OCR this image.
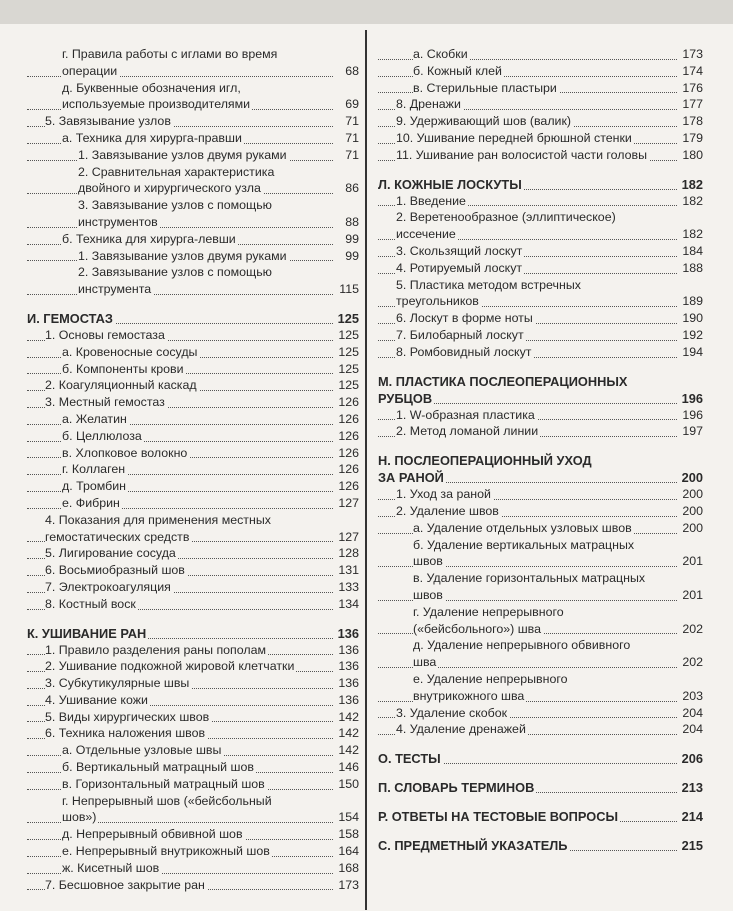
г. Правила работы с иглами во время
операции	68
д. Буквенные обозначения игл,
используемые производителями	69
5. Завязывание узлов	71
а. Техника для хирурга-правши	71
1. Завязывание узлов двумя руками	71
2. Сравнительная характеристика
двойного и хирургического узла	86
3. Завязывание узлов с помощью
инструментов	88
б. Техника для хирурга-левши	99
1. Завязывание узлов двумя руками	99
2. Завязывание узлов с помощью
инструмента	115
И. ГЕМОСТАЗ	125
1. Основы гемостаза	125
а. Кровеносные сосуды	125
б. Компоненты крови	125
2. Коагуляционный каскад	125
3. Местный гемостаз	126
а. Желатин	126
б. Целлюлоза	126
в. Хлопковое волокно	126
г. Коллаген	126
д. Тромбин	126
е. Фибрин	127
4. Показания для применения местных
гемостатических средств	127
5. Лигирование сосуда	128
6. Восьмиобразный шов	131
7. Электрокоагуляция	133
8. Костный воск	134
К. УШИВАНИЕ РАН	136
1. Правило разделения раны пополам	136
2. Ушивание подкожной жировой клетчатки	136
3. Субкутикулярные швы	136
4. Ушивание кожи	136
5. Виды хирургических швов	142
6. Техника наложения швов	142
а. Отдельные узловые швы	142
б. Вертикальный матрацный шов	146
в. Горизонтальный матрацный шов	150
г. Непрерывный шов («бейсбольный
шов»)	154
д. Непрерывный обвивной шов	158
е. Непрерывный внутрикожный шов	164
ж. Кисетный шов	168
7. Бесшовное закрытие ран	173
а. Скобки	173
б. Кожный клей	174
в. Стерильные пластыри	176
8. Дренажи	177
9. Удерживающий шов (валик)	178
10. Ушивание передней брюшной стенки	179
11. Ушивание ран волосистой части головы	180
Л. КОЖНЫЕ ЛОСКУТЫ	182
1. Введение	182
2. Веретенообразное (эллиптическое)
иссечение	182
3. Скользящий лоскут	184
4. Ротируемый лоскут	188
5. Пластика методом встречных
треугольников	189
6. Лоскут в форме ноты	190
7. Билобарный лоскут	192
8. Ромбовидный лоскут	194
М. ПЛАСТИКА ПОСЛЕОПЕРАЦИОННЫХ
РУБЦОВ	196
1. W-образная пластика	196
2. Метод ломаной линии	197
Н. ПОСЛЕОПЕРАЦИОННЫЙ УХОД
ЗА РАНОЙ	200
1. Уход за раной	200
2. Удаление швов	200
а. Удаление отдельных узловых швов	200
б. Удаление вертикальных матрацных
швов	201
в. Удаление горизонтальных матрацных
швов	201
г. Удаление непрерывного
(«бейсбольного») шва	202
д. Удаление непрерывного обвивного
шва	202
е. Удаление непрерывного
внутрикожного шва	203
3. Удаление скобок	204
4. Удаление дренажей	204
О. ТЕСТЫ	206
П. СЛОВАРЬ ТЕРМИНОВ	213
Р. ОТВЕТЫ НА ТЕСТОВЫЕ ВОПРОСЫ	214
С. ПРЕДМЕТНЫЙ УКАЗАТЕЛЬ	215
